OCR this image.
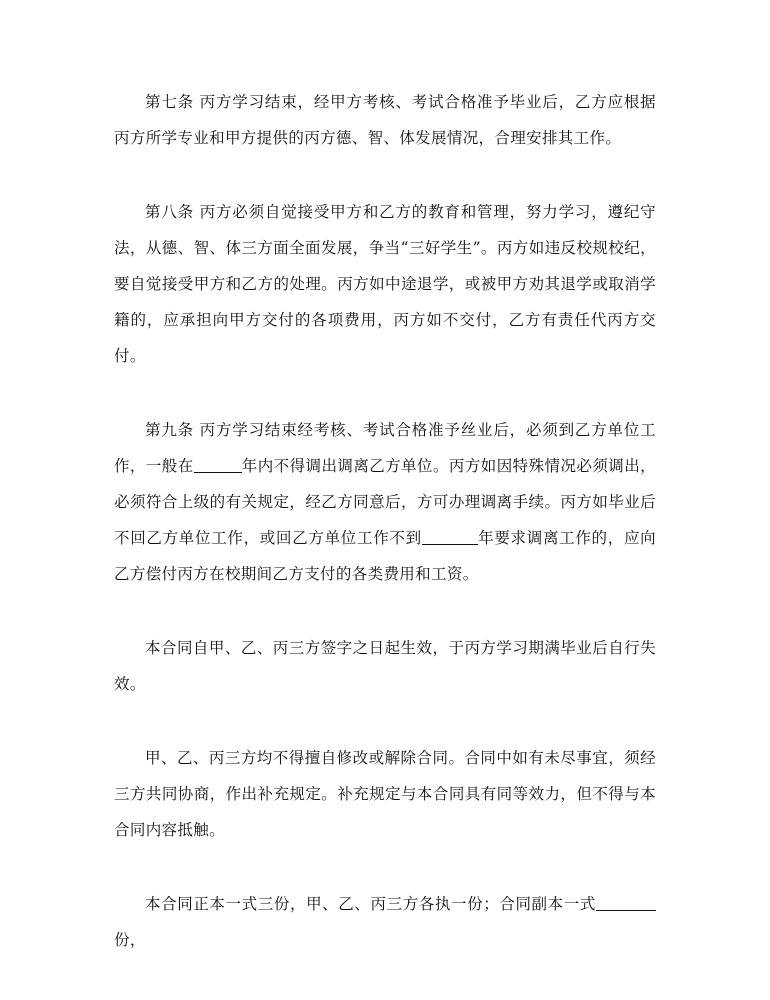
第七条 丙方学习结束，经甲方考核、考试合格准予毕业后，乙方应根据丙方所学专业和甲方提供的丙方德、智、体发展情况，合理安排其工作。

第八条 丙方必须自觉接受甲方和乙方的教育和管理，努力学习，遵纪守法，从德、智、体三方面全面发展，争当“三好学生”。丙方如违反校规校纪，要自觉接受甲方和乙方的处理。丙方如中途退学，或被甲方劝其退学或取消学籍的，应承担向甲方交付的各项费用，丙方如不交付，乙方有责任代丙方交付。

第九条 丙方学习结束经考核、考试合格准予丝业后，必须到乙方单位工作，一般在	年内不得调出调离乙方单位。丙方如因特殊情况必须调出，必须符合上级的有关规定，经乙方同意后，方可办理调离手续。丙方如毕业后不回乙方单位工作，或回乙方单位工作不到	年要求调离工作的，应向乙方偿付丙方在校期间乙方支付的各类费用和工资。

本合同自甲、乙、丙三方签字之日起生效，于丙方学习期满毕业后自行失效。

甲、乙、丙三方均不得擅自修改或解除合同。合同中如有未尽事宜，须经三方共同协商，作出补充规定。补充规定与本合同具有同等效力，但不得与本合同内容抵触。

本合同正本一式三份，甲、乙、丙三方各执一份；合同副本一式份，
